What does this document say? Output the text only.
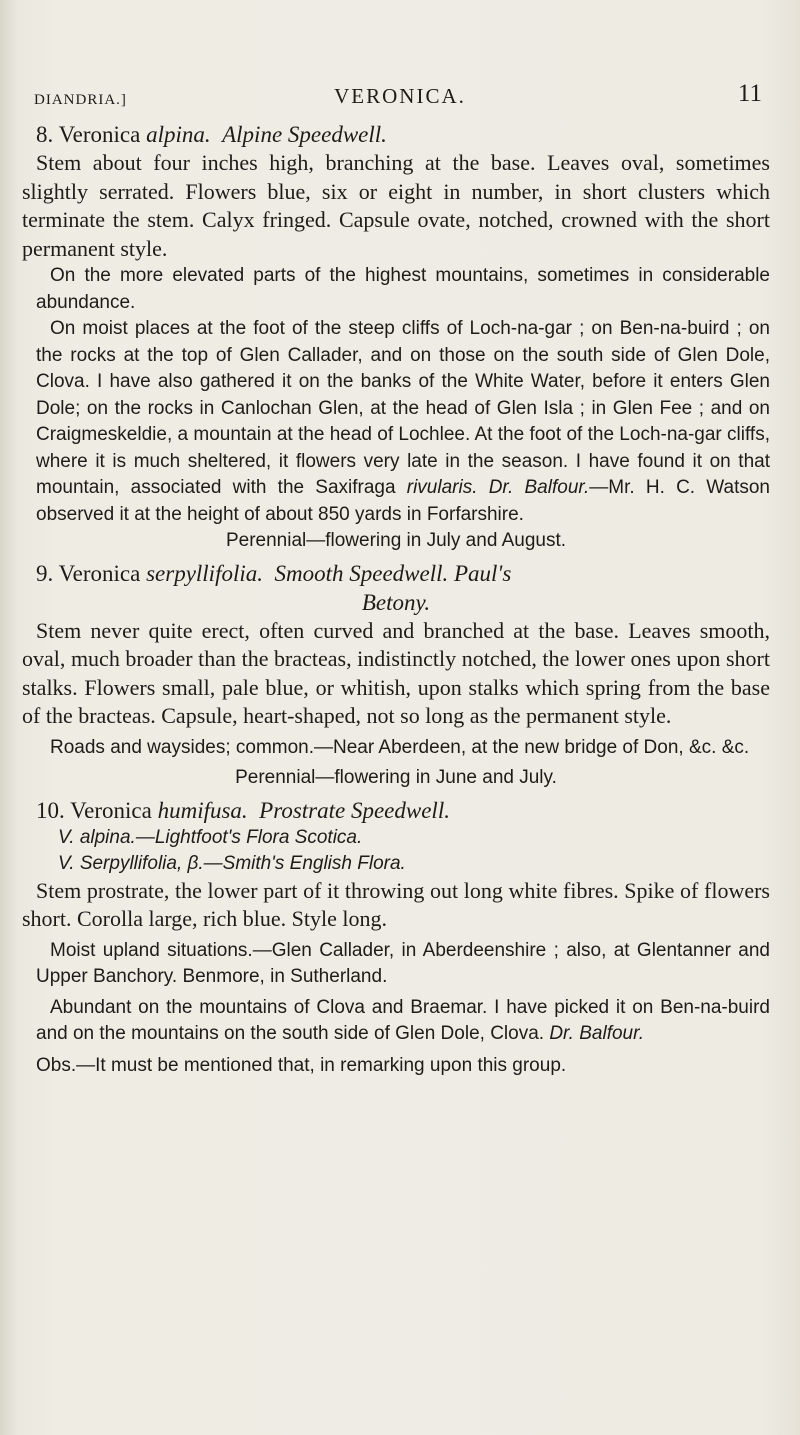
DIANDRIA.]	VERONICA.	11

8. Veronica alpina. Alpine Speedwell.

Stem about four inches high, branching at the base. Leaves oval, sometimes slightly serrated. Flowers blue, six or eight in number, in short clusters which terminate the stem. Calyx fringed. Capsule ovate, notched, crowned with the short permanent style.

On the more elevated parts of the highest mountains, sometimes in considerable abundance.

On moist places at the foot of the steep cliffs of Loch-na-gar ; on Ben-na-buird ; on the rocks at the top of Glen Callader, and on those on the south side of Glen Dole, Clova. I have also gathered it on the banks of the White Water, before it enters Glen Dole; on the rocks in Canlochan Glen, at the head of Glen Isla ; in Glen Fee ; and on Craigmeskeldie, a mountain at the head of Lochlee. At the foot of the Loch-na-gar cliffs, where it is much sheltered, it flowers very late in the season. I have found it on that mountain, associated with the Saxifraga rivularis. Dr. Balfour.—Mr. H. C. Watson observed it at the height of about 850 yards in Forfarshire.

Perennial—flowering in July and August.

9. Veronica serpyllifolia. Smooth Speedwell. Paul's

Betony.

Stem never quite erect, often curved and branched at the base. Leaves smooth, oval, much broader than the bracteas, indistinctly notched, the lower ones upon short stalks. Flowers small, pale blue, or whitish, upon stalks which spring from the base of the bracteas. Capsule, heart-shaped, not so long as the permanent style.

Roads and waysides; common.—Near Aberdeen, at the new bridge of Don, &c. &c.

Perennial—flowering in June and July.

10. Veronica humifusa. Prostrate Speedwell.

V. alpina.—Lightfoot's Flora Scotica.

V. Serpyllifolia, β.—Smith's English Flora.

Stem prostrate, the lower part of it throwing out long white fibres. Spike of flowers short. Corolla large, rich blue. Style long.

Moist upland situations.—Glen Callader, in Aberdeenshire ; also, at Glentanner and Upper Banchory. Benmore, in Sutherland.

Abundant on the mountains of Clova and Braemar. I have picked it on Ben-na-buird and on the mountains on the south side of Glen Dole, Clova. Dr. Balfour.

Obs.—It must be mentioned that, in remarking upon this group.
